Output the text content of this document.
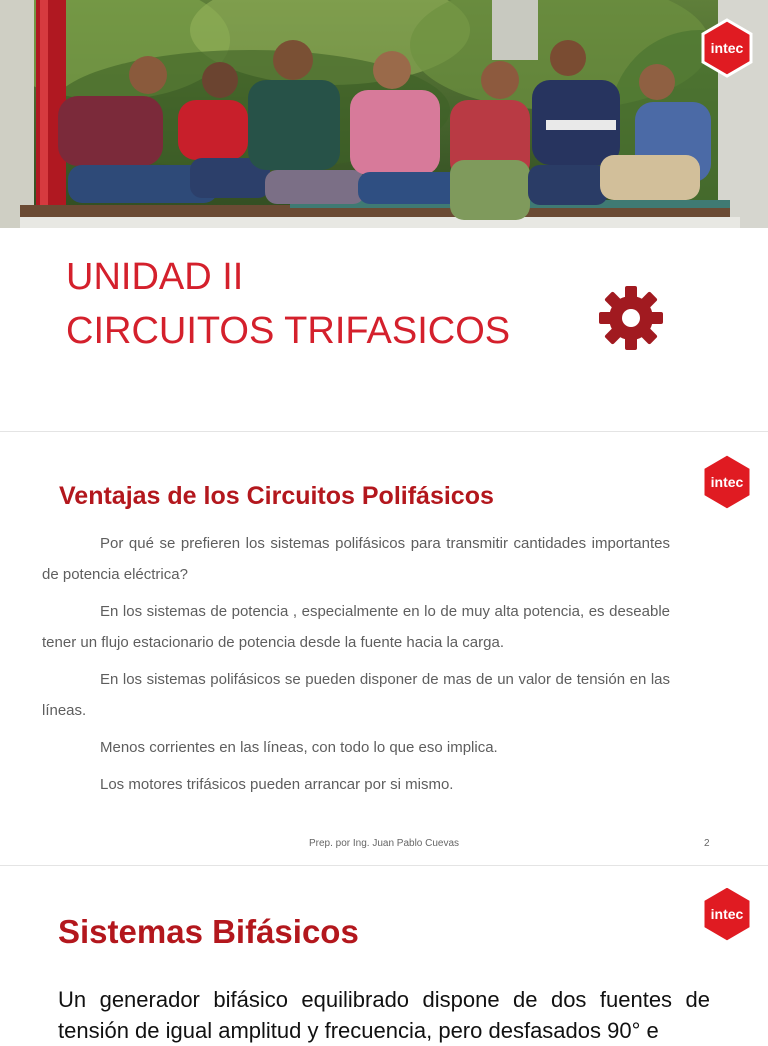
intec
UNIDAD II
CIRCUITOS TRIFASICOS
intec
Ventajas de los Circuitos Polifásicos

Por qué se prefieren los sistemas polifásicos para transmitir cantidades importantes de potencia eléctrica?

En los sistemas de potencia , especialmente en lo de muy alta potencia, es deseable tener un flujo estacionario de potencia desde la fuente hacia la carga.

En los sistemas polifásicos se pueden disponer de mas de un valor de tensión en las líneas.

Menos corrientes en las líneas, con todo lo que eso implica.

Los motores trifásicos pueden arrancar por si mismo.

Prep. por Ing. Juan Pablo Cuevas	2
intec
Sistemas Bifásicos
Un generador bifásico equilibrado dispone de dos fuentes de tensión de igual amplitud y frecuencia, pero desfasados 90° e
